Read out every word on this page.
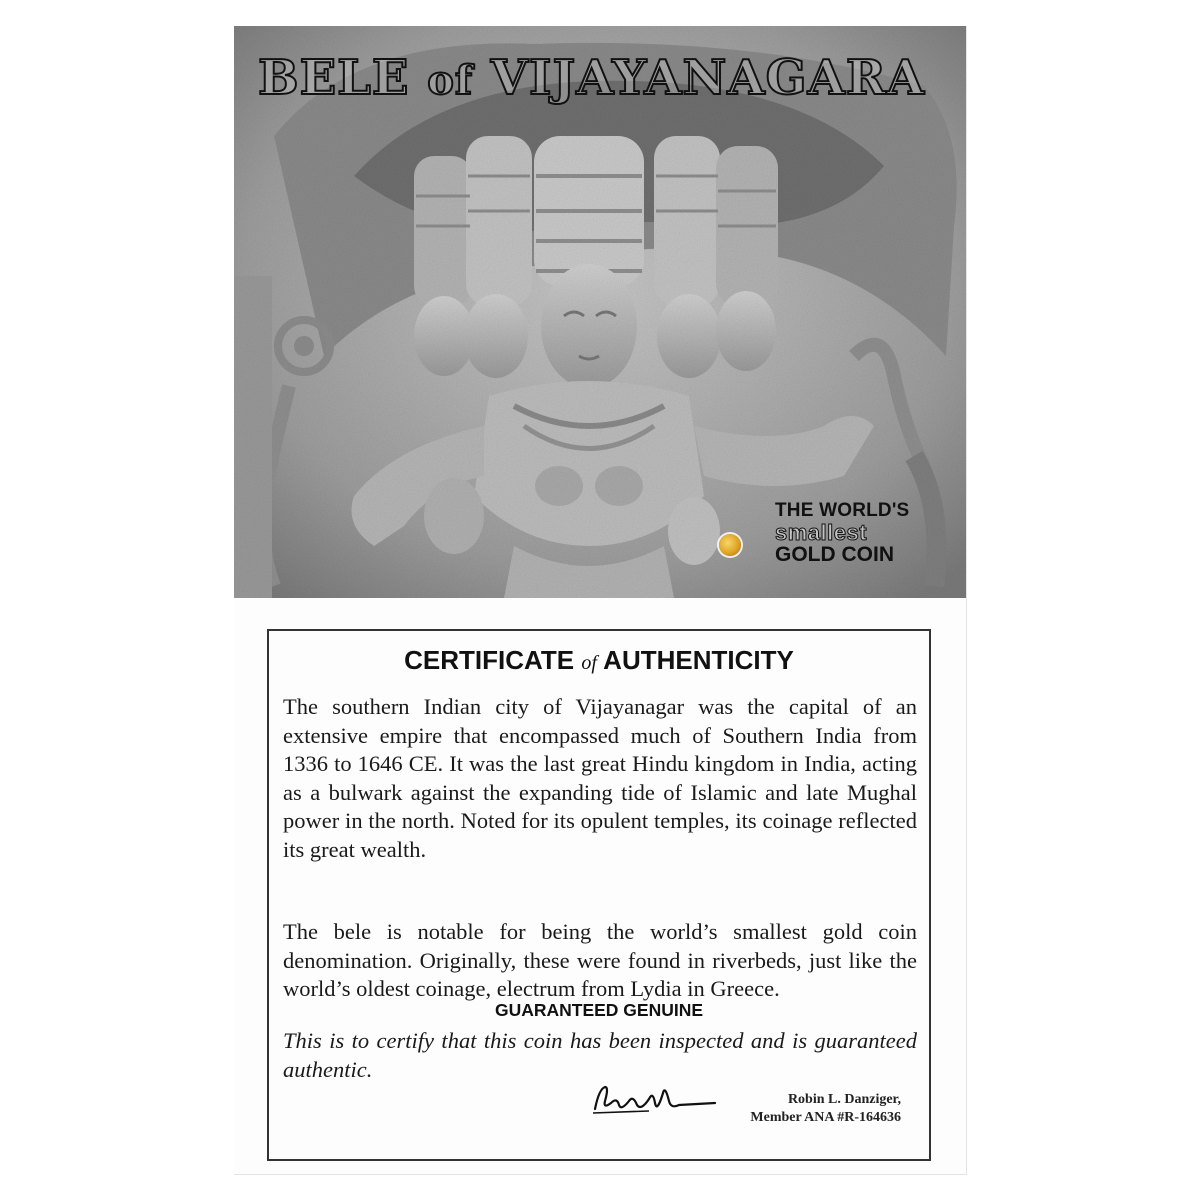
BELE of VIJAYANAGARA
THE WORLD'S
smallest
GOLD COIN
CERTIFICATE of AUTHENTICITY
The southern Indian city of Vijayanagar was the capital of an extensive empire that encompassed much of Southern India from 1336 to 1646 CE. It was the last great Hindu kingdom in India, acting as a bulwark against the expanding tide of Islamic and late Mughal power in the north. Noted for its opulent temples, its coinage reflected its great wealth.
The bele is notable for being the world’s smallest gold coin denomination. Originally, these were found in riverbeds, just like the world’s oldest coinage, electrum from Lydia in Greece.
GUARANTEED GENUINE
This is to certify that this coin has been inspected and is guaranteed authentic.
Robin L. Danziger,
Member ANA #R-164636
